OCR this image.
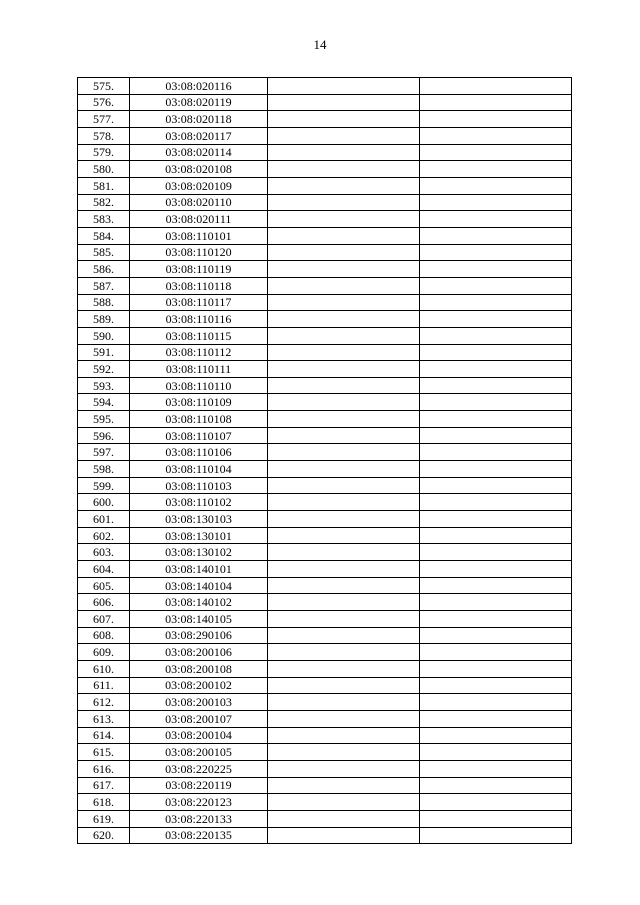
14
575.	03:08:020116		
576.	03:08:020119		
577.	03:08:020118		
578.	03:08:020117		
579.	03:08:020114		
580.	03:08:020108		
581.	03:08:020109		
582.	03:08:020110		
583.	03:08:020111		
584.	03:08:110101		
585.	03:08:110120		
586.	03:08:110119		
587.	03:08:110118		
588.	03:08:110117		
589.	03:08:110116		
590.	03:08:110115		
591.	03:08:110112		
592.	03:08:110111		
593.	03:08:110110		
594.	03:08:110109		
595.	03:08:110108		
596.	03:08:110107		
597.	03:08:110106		
598.	03:08:110104		
599.	03:08:110103		
600.	03:08:110102		
601.	03:08:130103		
602.	03:08:130101		
603.	03:08:130102		
604.	03:08:140101		
605.	03:08:140104		
606.	03:08:140102		
607.	03:08:140105		
608.	03:08:290106		
609.	03:08:200106		
610.	03:08:200108		
611.	03:08:200102		
612.	03:08:200103		
613.	03:08:200107		
614.	03:08:200104		
615.	03:08:200105		
616.	03:08:220225		
617.	03:08:220119		
618.	03:08:220123		
619.	03:08:220133		
620.	03:08:220135		
